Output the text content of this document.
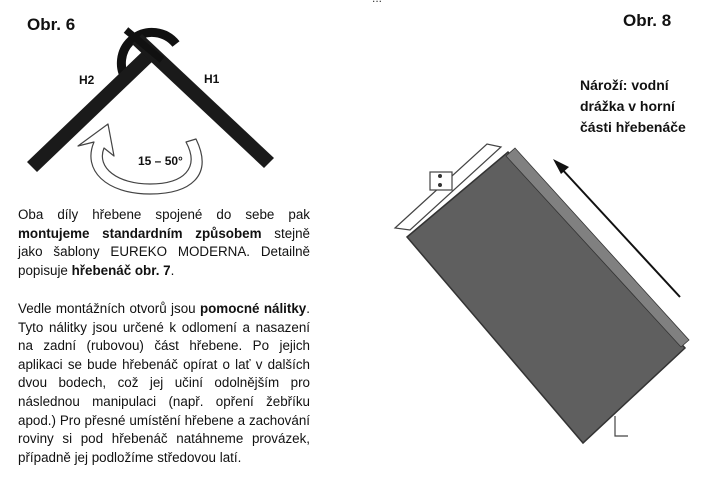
Obr. 6	Obr. 8
H2	H1
15 – 50°
Nároží: vodní
drážka v horní
části hřebenáče

Oba díly hřebene spojené do sebe pak montujeme standardním způsobem stejně jako šablony EUREKO MODERNA. Detailně popisuje hřebenáč obr. 7.

Vedle montážních otvorů jsou pomocné nálitky. Tyto nálitky jsou určené k odlomení a nasazení na zadní (rubovou) část hřebene. Po jejich aplikaci se bude hřebenáč opírat o lať v dalších dvou bodech, což jej učiní odolnějším pro následnou manipulaci (např. opření žebříku apod.) Pro přesné umístění hřebene a zachování roviny si pod hřebenáč natáhneme provázek, případně jej podložíme středovou latí.
